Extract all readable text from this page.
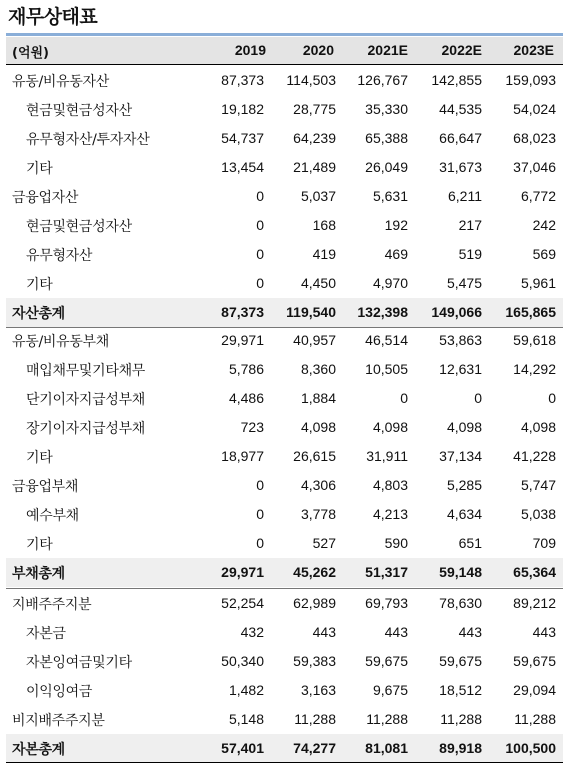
재무상태표
(억원)	2019	2020	2021E	2022E	2023E
유동/비유동자산	87,373	114,503	126,767	142,855	159,093
현금및현금성자산	19,182	28,775	35,330	44,535	54,024
유무형자산/투자자산	54,737	64,239	65,388	66,647	68,023
기타	13,454	21,489	26,049	31,673	37,046
금융업자산	0	5,037	5,631	6,211	6,772
현금및현금성자산	0	168	192	217	242
유무형자산	0	419	469	519	569
기타	0	4,450	4,970	5,475	5,961
자산총계	87,373	119,540	132,398	149,066	165,865
유동/비유동부채	29,971	40,957	46,514	53,863	59,618
매입채무및기타채무	5,786	8,360	10,505	12,631	14,292
단기이자지급성부채	4,486	1,884	0	0	0
장기이자지급성부채	723	4,098	4,098	4,098	4,098
기타	18,977	26,615	31,911	37,134	41,228
금융업부채	0	4,306	4,803	5,285	5,747
예수부채	0	3,778	4,213	4,634	5,038
기타	0	527	590	651	709
부채총계	29,971	45,262	51,317	59,148	65,364
지배주주지분	52,254	62,989	69,793	78,630	89,212
자본금	432	443	443	443	443
자본잉여금및기타	50,340	59,383	59,675	59,675	59,675
이익잉여금	1,482	3,163	9,675	18,512	29,094
비지배주주지분	5,148	11,288	11,288	11,288	11,288
자본총계	57,401	74,277	81,081	89,918	100,500
